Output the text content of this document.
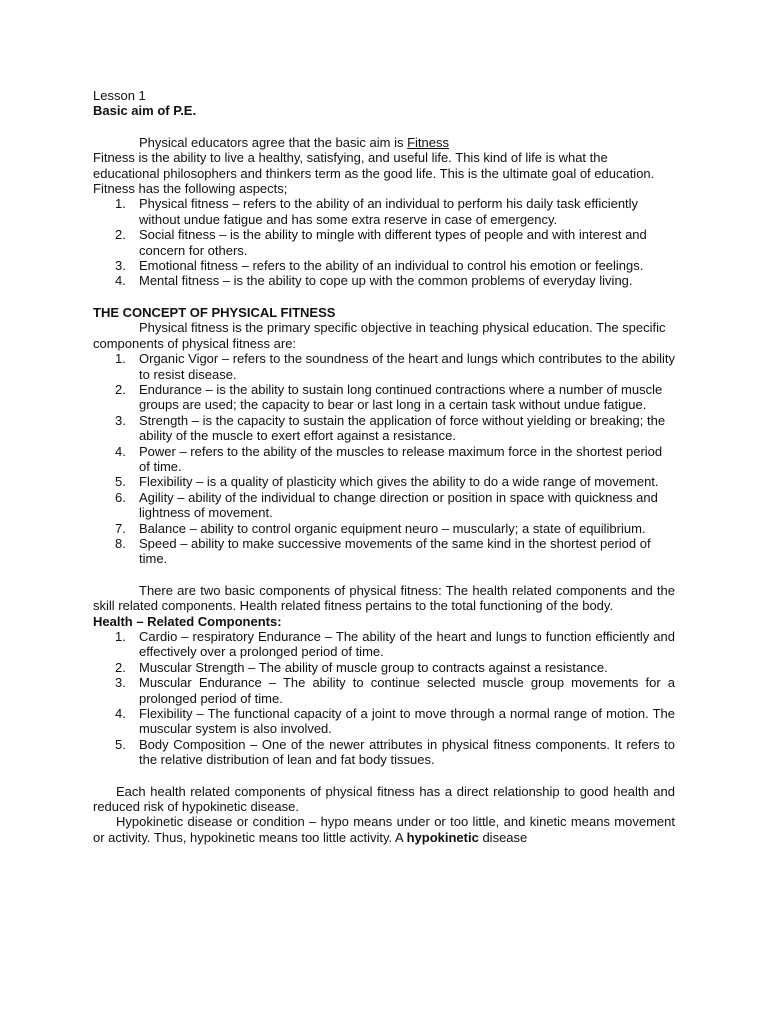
Lesson 1

Basic aim of P.E.

Physical educators agree that the basic aim is Fitness

Fitness is the ability to live a healthy, satisfying, and useful life. This kind of life is what the educational philosophers and thinkers term as the good life. This is the ultimate goal of education. Fitness has the following aspects;

1. Physical fitness – refers to the ability of an individual to perform his daily task efficiently without undue fatigue and has some extra reserve in case of emergency.
2. Social fitness – is the ability to mingle with different types of people and with interest and concern for others.
3. Emotional fitness – refers to the ability of an individual to control his emotion or feelings.
4. Mental fitness – is the ability to cope up with the common problems of everyday living.

THE CONCEPT OF PHYSICAL FITNESS

Physical fitness is the primary specific objective in teaching physical education. The specific components of physical fitness are:

1. Organic Vigor – refers to the soundness of the heart and lungs which contributes to the ability to resist disease.
2. Endurance – is the ability to sustain long continued contractions where a number of muscle groups are used; the capacity to bear or last long in a certain task without undue fatigue.
3. Strength – is the capacity to sustain the application of force without yielding or breaking; the ability of the muscle to exert effort against a resistance.
4. Power – refers to the ability of the muscles to release maximum force in the shortest period of time.
5. Flexibility – is a quality of plasticity which gives the ability to do a wide range of movement.
6. Agility – ability of the individual to change direction or position in space with quickness and lightness of movement.
7. Balance – ability to control organic equipment neuro – muscularly; a state of equilibrium.
8. Speed – ability to make successive movements of the same kind in the shortest period of time.

There are two basic components of physical fitness: The health related components and the skill related components. Health related fitness pertains to the total functioning of the body.

Health – Related Components:

1. Cardio – respiratory Endurance – The ability of the heart and lungs to function efficiently and effectively over a prolonged period of time.
2. Muscular Strength – The ability of muscle group to contracts against a resistance.
3. Muscular Endurance – The ability to continue selected muscle group movements for a prolonged period of time.
4. Flexibility – The functional capacity of a joint to move through a normal range of motion. The muscular system is also involved.
5. Body Composition – One of the newer attributes in physical fitness components. It refers to the relative distribution of lean and fat body tissues.

Each health related components of physical fitness has a direct relationship to good health and reduced risk of hypokinetic disease.

Hypokinetic disease or condition – hypo means under or too little, and kinetic means movement or activity. Thus, hypokinetic means too little activity. A hypokinetic disease
